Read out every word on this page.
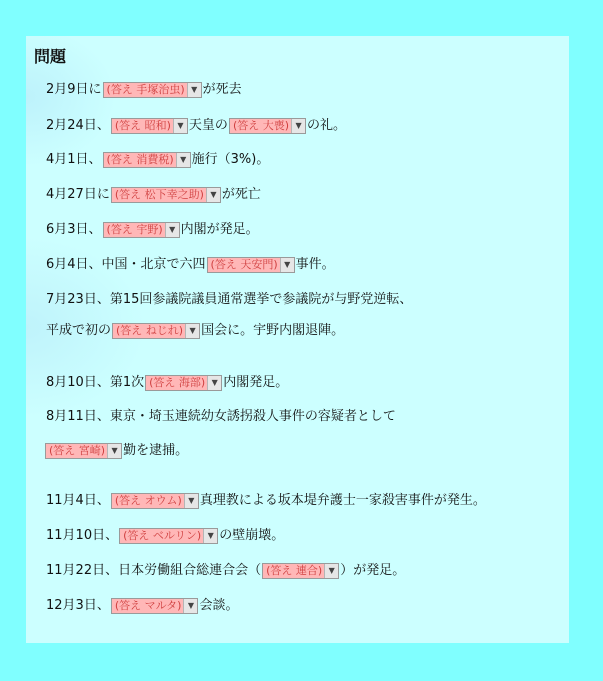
問題
2月9日に (答え 手塚治虫) ▼ が死去
2月24日、 (答え 昭和) ▼ 天皇の (答え 大喪) ▼ の礼。
4月1日、 (答え 消費税) ▼ 施行（3%)。
4月27日に (答え 松下幸之助) ▼ が死亡
6月3日、 (答え 宇野) ▼ 内閣が発足。
6月4日、中国・北京で六四 (答え 天安門) ▼ 事件。
7月23日、第15回参議院議員通常選挙で参議院が与野党逆転、
平成で初の (答え ねじれ) ▼ 国会に。宇野内閣退陣。
8月10日、第1次 (答え 海部) ▼ 内閣発足。
8月11日、東京・埼玉連続幼女誘拐殺人事件の容疑者として
(答え 宮崎) ▼ 勤を逮捕。
11月4日、 (答え オウム) ▼ 真理教による坂本堤弁護士一家殺害事件が発生。
11月10日、 (答え ベルリン) ▼ の壁崩壊。
11月22日、日本労働組合総連合会（ (答え 連合) ▼ ）が発足。
12月3日、 (答え マルタ) ▼ 会談。
